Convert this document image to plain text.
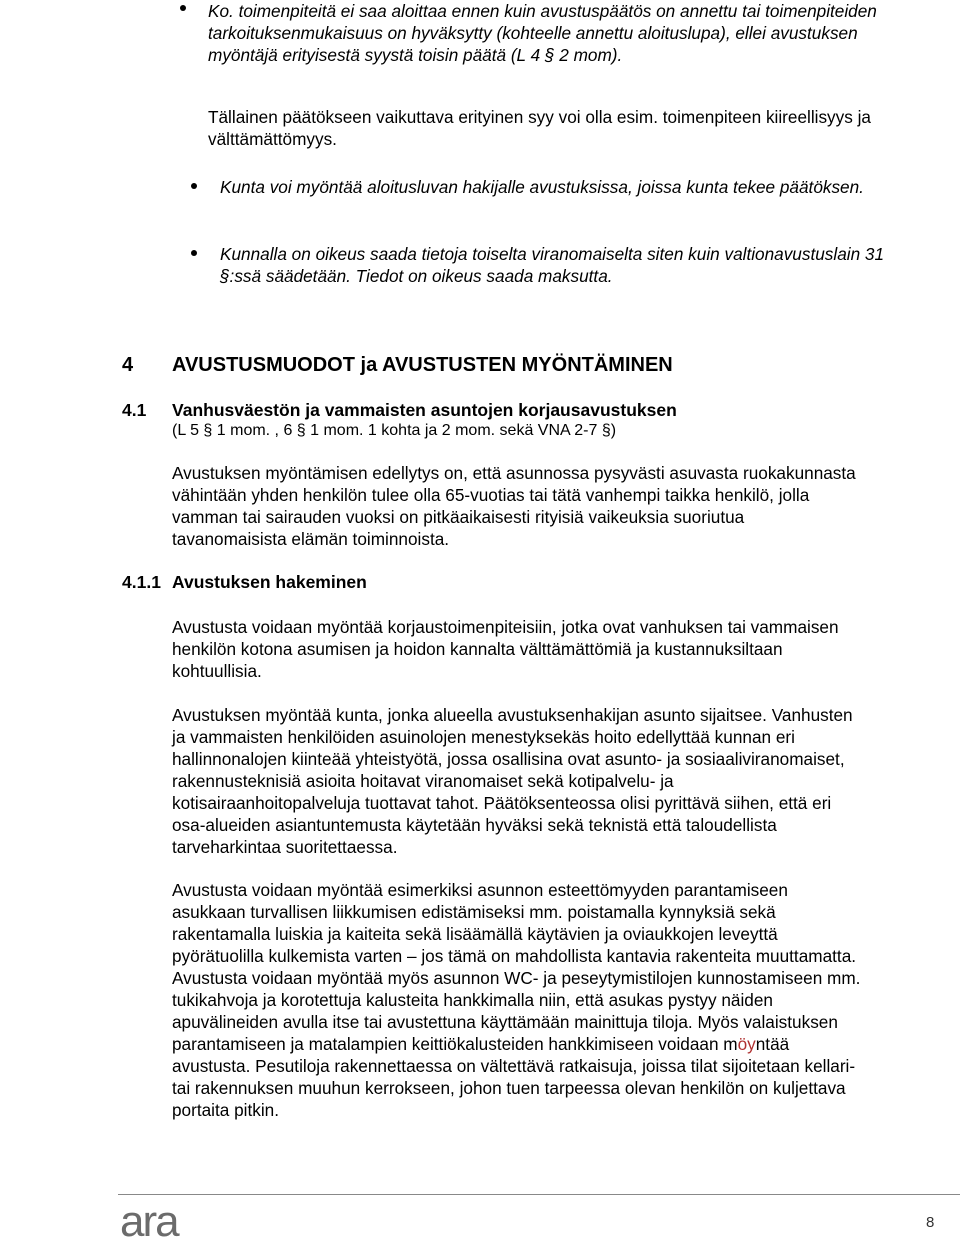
Ko. toimenpiteitä ei saa aloittaa ennen kuin avustuspäätös on annettu tai toimenpiteiden tarkoituksenmukaisuus on hyväksytty (kohteelle annettu aloituslupa), ellei avustuksen myöntäjä erityisestä syystä toisin päätä (L 4 § 2 mom).

Tällainen päätökseen vaikuttava erityinen syy voi olla esim. toimenpiteen kiireellisyys ja välttämättömyys.

Kunta voi myöntää aloitusluvan hakijalle avustuksissa, joissa kunta tekee päätöksen.

Kunnalla on oikeus saada tietoja toiselta viranomaiselta siten kuin valtionavustuslain 31 §:ssä säädetään. Tiedot on oikeus saada maksutta.

4 AVUSTUSMUODOT ja AVUSTUSTEN MYÖNTÄMINEN
4.1 Vanhusväestön ja vammaisten asuntojen korjausavustuksen

(L 5 § 1 mom. , 6 § 1 mom. 1 kohta ja 2 mom. sekä VNA 2-7 §)

Avustuksen myöntämisen edellytys on, että asunnossa pysyvästi asuvasta ruokakunnasta vähintään yhden henkilön tulee olla 65-vuotias tai tätä vanhempi taikka henkilö, jolla vamman tai sairauden vuoksi on pitkäaikaisesti rityisiä vaikeuksia suoriutua tavanomaisista elämän toiminnoista.

4.1.1 Avustuksen hakeminen

Avustusta voidaan myöntää korjaustoimenpiteisiin, jotka ovat vanhuksen tai vammaisen henkilön kotona asumisen ja hoidon kannalta välttämättömiä ja kustannuksiltaan kohtuullisia.

Avustuksen myöntää kunta, jonka alueella avustuksenhakijan asunto sijaitsee. Vanhusten ja vammaisten henkilöiden asuinolojen menestyksekäs hoito edellyttää kunnan eri hallinnonalojen kiinteää yhteistyötä, jossa osallisina ovat asunto- ja sosiaaliviranomaiset, rakennusteknisiä asioita hoitavat viranomaiset sekä kotipalvelu- ja kotisairaanhoitopalveluja tuottavat tahot. Päätöksenteossa olisi pyrittävä siihen, että eri osa-alueiden asiantuntemusta käytetään hyväksi sekä teknistä että taloudellista tarveharkintaa suoritettaessa.

Avustusta voidaan myöntää esimerkiksi asunnon esteettömyyden parantamiseen asukkaan turvallisen liikkumisen edistämiseksi mm. poistamalla kynnyksiä sekä rakentamalla luiskia ja kaiteita sekä lisäämällä käytävien ja oviaukkojen leveyttä pyörätuolilla kulkemista varten – jos tämä on mahdollista kantavia rakenteita muuttamatta. Avustusta voidaan myöntää myös asunnon WC- ja peseytymistilojen kunnostamiseen mm. tukikahvoja ja korotettuja kalusteita hankkimalla niin, että asukas pystyy näiden apuvälineiden avulla itse tai avustettuna käyttämään mainittuja tiloja. Myös valaistuksen parantamiseen ja matalampien keittiökalusteiden hankkimiseen voidaan möyntää avustusta. Pesutiloja rakennettaessa on vältettävä ratkaisuja, joissa tilat sijoitetaan kellari- tai rakennuksen muuhun kerrokseen, johon tuen tarpeessa olevan henkilön on kuljettava portaita pitkin.

ara	8
